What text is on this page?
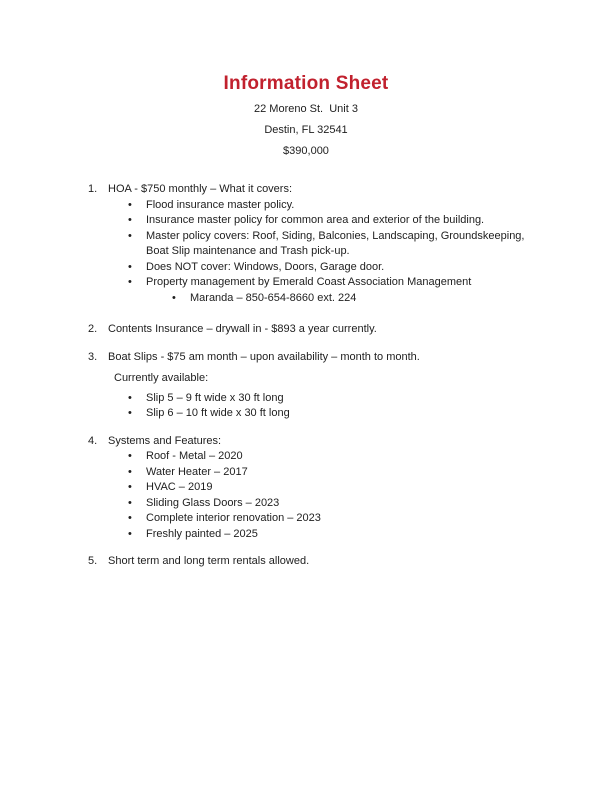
Information Sheet

22 Moreno St.  Unit 3

Destin, FL 32541

$390,000

1. HOA - $750 monthly – What it covers:
• Flood insurance master policy.
• Insurance master policy for common area and exterior of the building.
• Master policy covers: Roof, Siding, Balconies, Landscaping, Groundskeeping, Boat Slip maintenance and Trash pick-up.
• Does NOT cover: Windows, Doors, Garage door.
• Property management by Emerald Coast Association Management
• Maranda – 850-654-8660 ext. 224
2. Contents Insurance – drywall in - $893 a year currently.
3. Boat Slips - $75 am month – upon availability – month to month.

Currently available:

• Slip 5 – 9 ft wide x 30 ft long
• Slip 6 – 10 ft wide x 30 ft long
4. Systems and Features:
• Roof - Metal – 2020
• Water Heater – 2017
• HVAC – 2019
• Sliding Glass Doors – 2023
• Complete interior renovation – 2023
• Freshly painted – 2025
5. Short term and long term rentals allowed.
